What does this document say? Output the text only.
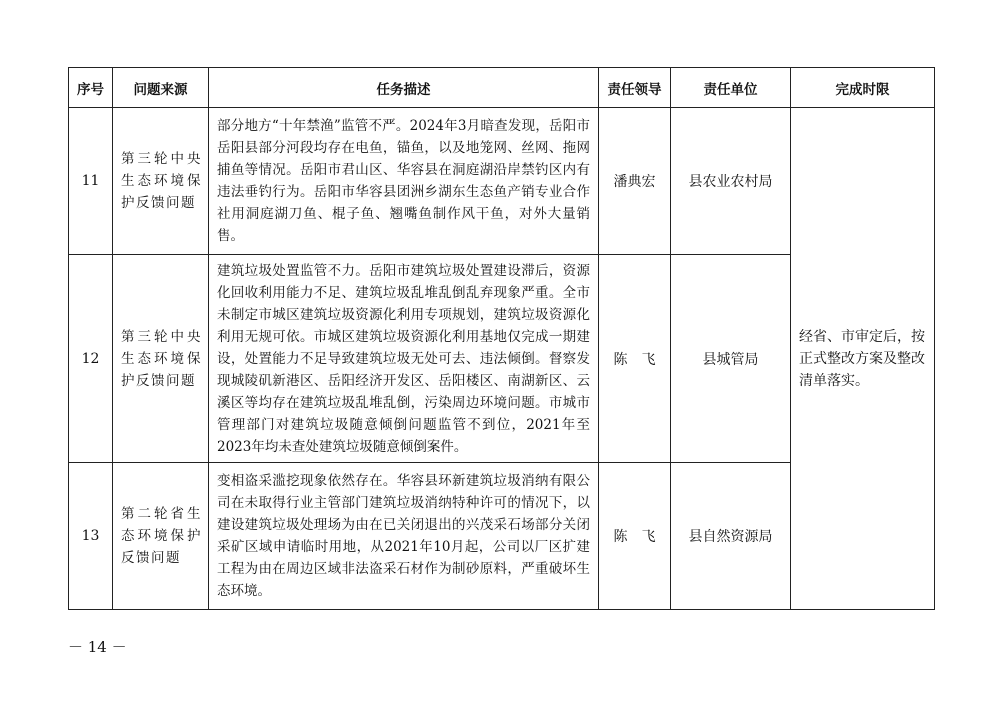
序号	问题来源	任务描述	责任领导	责任单位	完成时限
11	第三轮中央生态环境保护反馈问题	部分地方“十年禁渔”监管不严。2024年3月暗查发现，岳阳市岳阳县部分河段均存在电鱼，锚鱼，以及地笼网、丝网、拖网捕鱼等情况。岳阳市君山区、华容县在洞庭湖沿岸禁钓区内有违法垂钓行为。岳阳市华容县团洲乡湖东生态鱼产销专业合作社用洞庭湖刀鱼、棍子鱼、翘嘴鱼制作风干鱼，对外大量销售。	潘典宏	县农业农村局	经省、市审定后，按正式整改方案及整改清单落实。
12	第三轮中央生态环境保护反馈问题	建筑垃圾处置监管不力。岳阳市建筑垃圾处置建设滞后，资源化回收利用能力不足、建筑垃圾乱堆乱倒乱弃现象严重。全市未制定市城区建筑垃圾资源化利用专项规划，建筑垃圾资源化利用无规可依。市城区建筑垃圾资源化利用基地仅完成一期建设，处置能力不足导致建筑垃圾无处可去、违法倾倒。督察发现城陵矶新港区、岳阳经济开发区、岳阳楼区、南湖新区、云溪区等均存在建筑垃圾乱堆乱倒，污染周边环境问题。市城市管理部门对建筑垃圾随意倾倒问题监管不到位，2021年至2023年均未查处建筑垃圾随意倾倒案件。	陈　飞	县城管局	
13	第二轮省生态环境保护反馈问题	变相盗采滥挖现象依然存在。华容县环新建筑垃圾消纳有限公司在未取得行业主管部门建筑垃圾消纳特种许可的情况下，以建设建筑垃圾处理场为由在已关闭退出的兴茂采石场部分关闭采矿区域申请临时用地，从2021年10月起，公司以厂区扩建工程为由在周边区域非法盗采石材作为制砂原料，严重破坏生态环境。	陈　飞	县自然资源局	
－ 14 －
